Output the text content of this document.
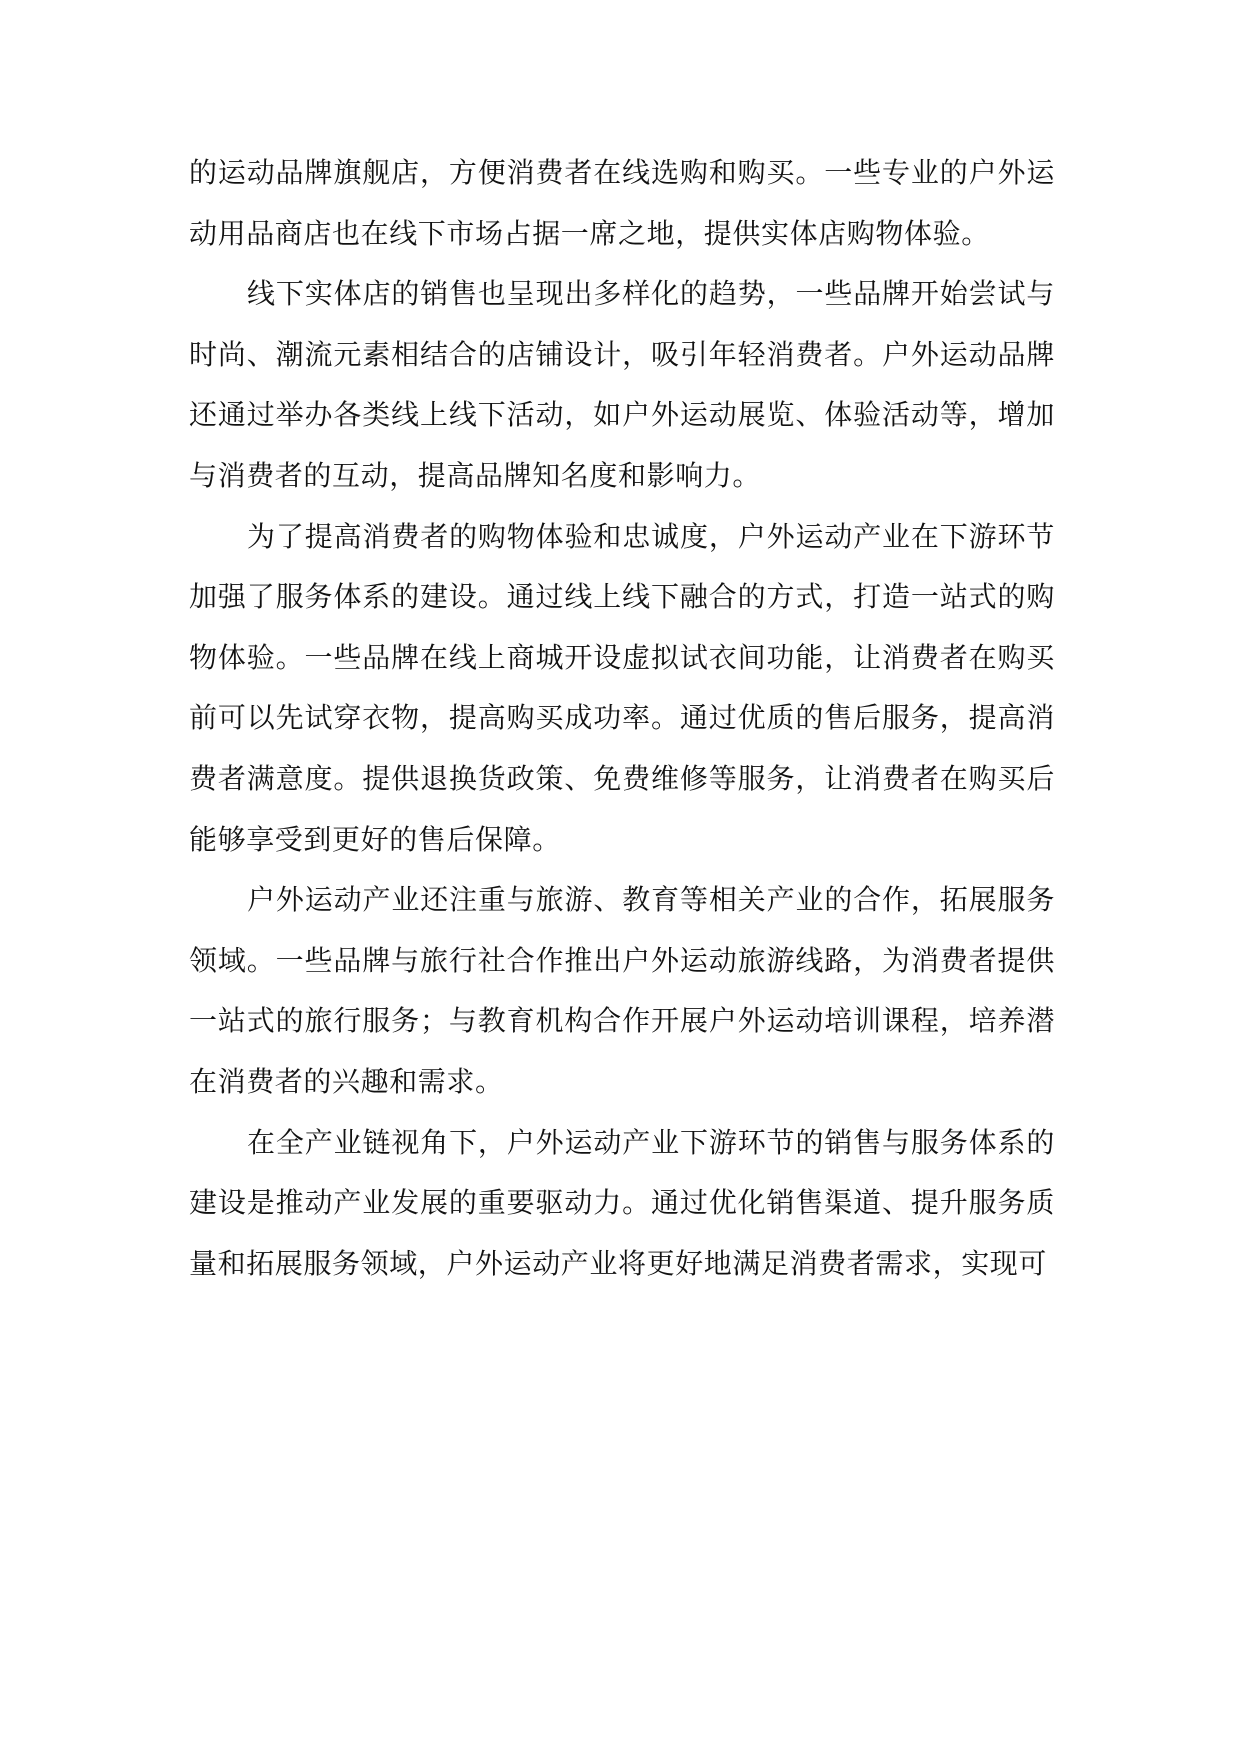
的运动品牌旗舰店，方便消费者在线选购和购买。一些专业的户外运动用品商店也在线下市场占据一席之地，提供实体店购物体验。

线下实体店的销售也呈现出多样化的趋势，一些品牌开始尝试与时尚、潮流元素相结合的店铺设计，吸引年轻消费者。户外运动品牌还通过举办各类线上线下活动，如户外运动展览、体验活动等，增加与消费者的互动，提高品牌知名度和影响力。

为了提高消费者的购物体验和忠诚度，户外运动产业在下游环节加强了服务体系的建设。通过线上线下融合的方式，打造一站式的购物体验。一些品牌在线上商城开设虚拟试衣间功能，让消费者在购买前可以先试穿衣物，提高购买成功率。通过优质的售后服务，提高消费者满意度。提供退换货政策、免费维修等服务，让消费者在购买后能够享受到更好的售后保障。

户外运动产业还注重与旅游、教育等相关产业的合作，拓展服务领域。一些品牌与旅行社合作推出户外运动旅游线路，为消费者提供一站式的旅行服务；与教育机构合作开展户外运动培训课程，培养潜在消费者的兴趣和需求。

在全产业链视角下，户外运动产业下游环节的销售与服务体系的建设是推动产业发展的重要驱动力。通过优化销售渠道、提升服务质量和拓展服务领域，户外运动产业将更好地满足消费者需求，实现可
